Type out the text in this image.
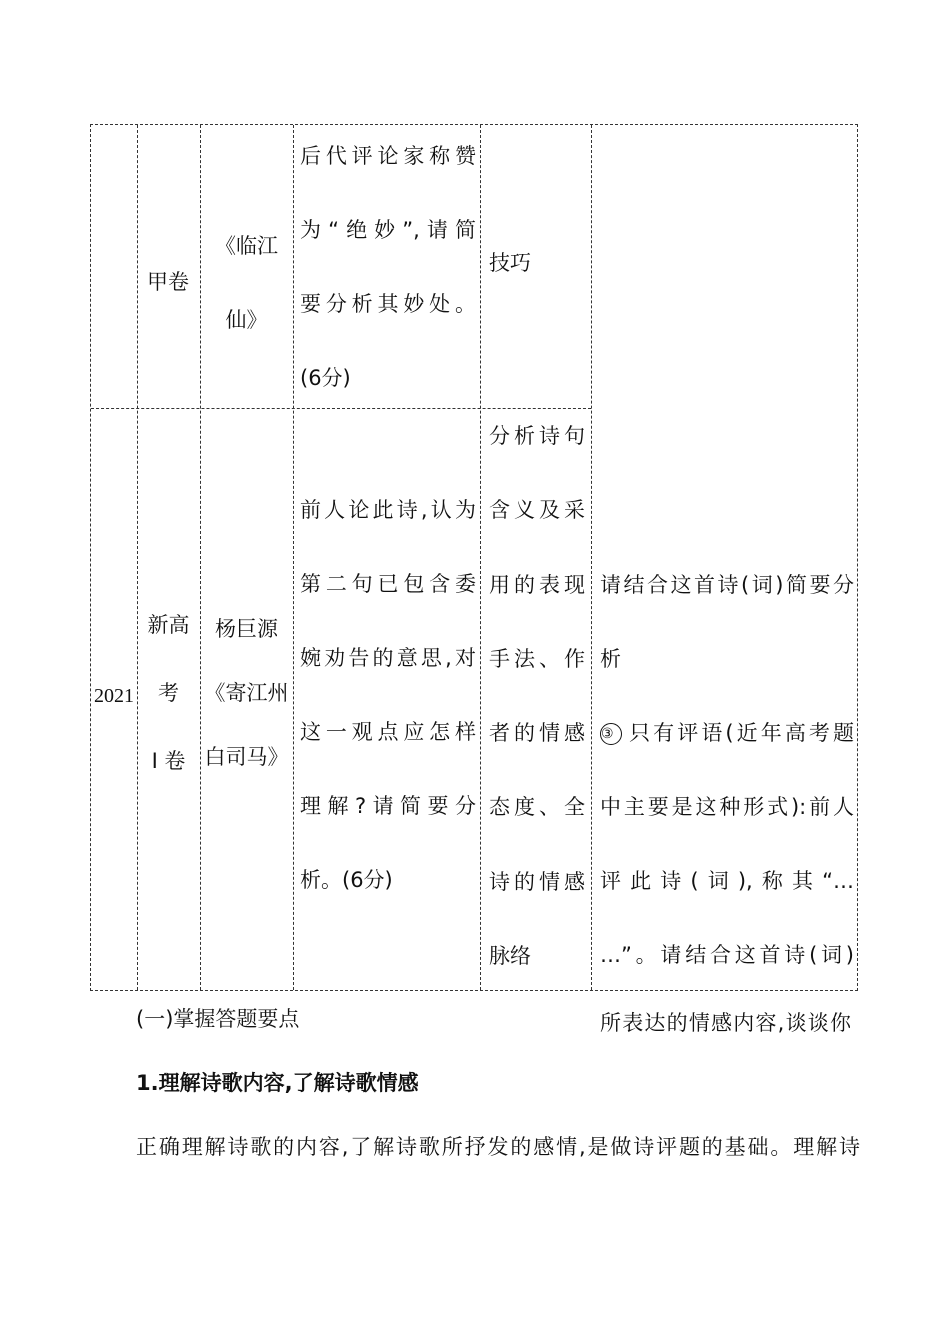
甲卷
《临江
仙》
后代评论家称赞
为“绝妙”,请简
要分析其妙处。
(6分)
技巧
2021
新高
考
Ⅰ 卷
杨巨源
《寄江州
白司马》
前人论此诗,认为
第二句已包含委
婉劝告的意思,对
这一观点应怎样
理解?请简要分
析。(6分)
分析诗句
含义及采
用的表现
手法、作
者的情感
态度、全
诗的情感
脉络
请结合这首诗(词)简要分
析
③ 只有评语(近年高考题
中主要是这种形式):前人
评此诗(词),称其“…
…”。请结合这首诗(词)
所表达的情感内容,谈谈你
(一)掌握答题要点
1.理解诗歌内容,了解诗歌情感
正确理解诗歌的内容,了解诗歌所抒发的感情,是做诗评题的基础。理解诗
